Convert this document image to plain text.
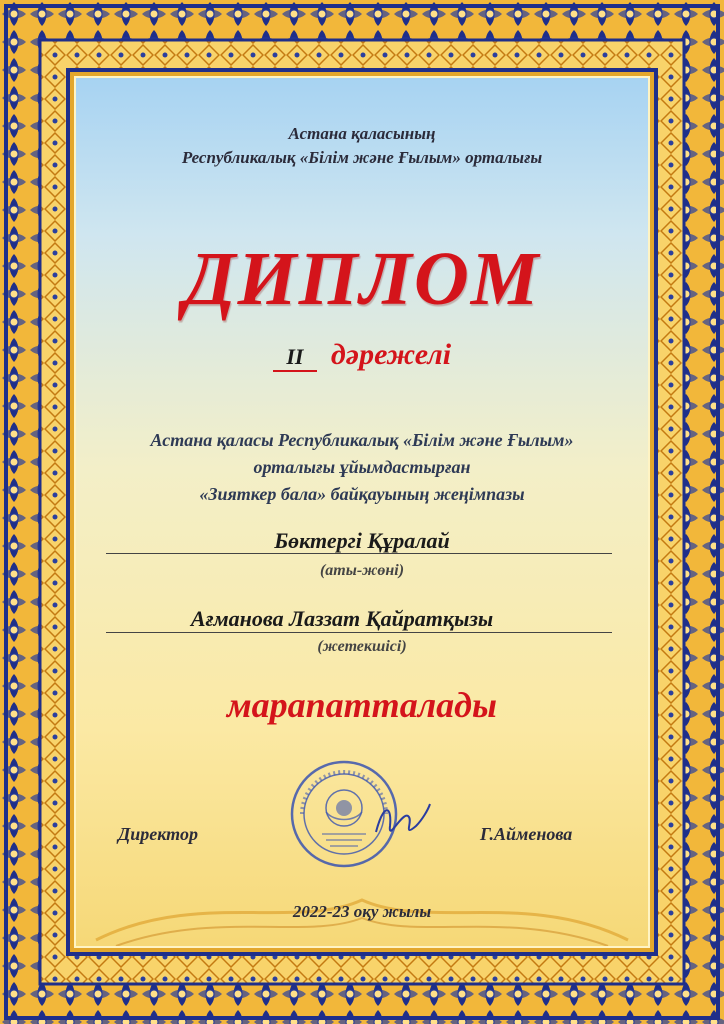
Астана қаласының
Республикалық «Білім және Ғылым» орталығы
ДИПЛОМ
II дәрежелі
Астана қаласы Республикалық «Білім және Ғылым»
орталығы ұйымдастырған
«Зияткер бала» байқауының жеңімпазы
Бөктергі Құралай
(аты-жөні)
Ағманова Лаззат Қайратқызы
(жетекшісі)
марапатталады
Директор	Г.Айменова
2022-23 оқу жылы
